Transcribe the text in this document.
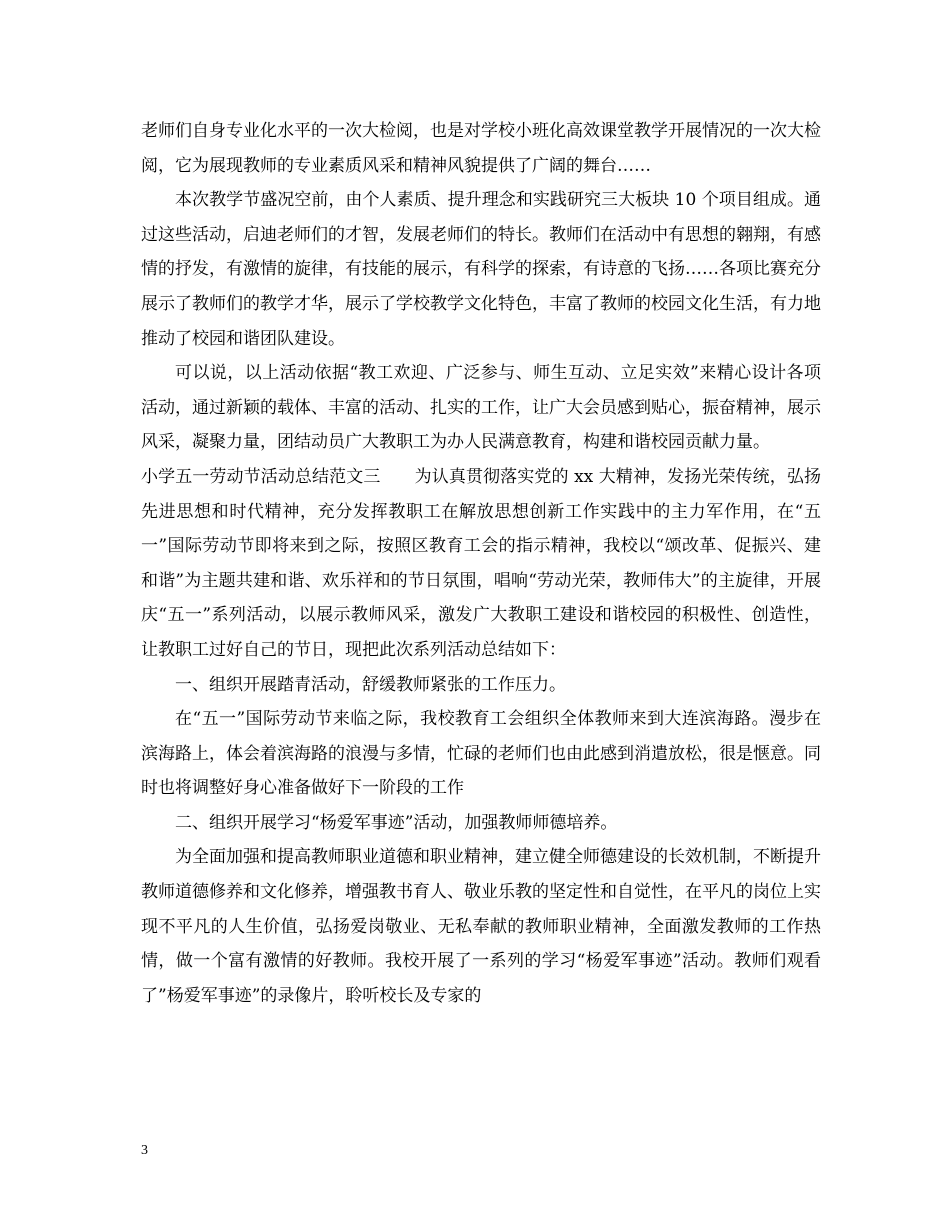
老师们自身专业化水平的一次大检阅，也是对学校小班化高效课堂教学开展情况的一次大检阅，它为展现教师的专业素质风采和精神风貌提供了广阔的舞台……

本次教学节盛况空前，由个人素质、提升理念和实践研究三大板块 10 个项目组成。通过这些活动，启迪老师们的才智，发展老师们的特长。教师们在活动中有思想的翱翔，有感情的抒发，有激情的旋律，有技能的展示，有科学的探索，有诗意的飞扬……各项比赛充分展示了教师们的教学才华，展示了学校教学文化特色，丰富了教师的校园文化生活，有力地推动了校园和谐团队建设。

可以说，以上活动依据“教工欢迎、广泛参与、师生互动、立足实效”来精心设计各项活动，通过新颖的载体、丰富的活动、扎实的工作，让广大会员感到贴心，振奋精神，展示风采，凝聚力量，团结动员广大教职工为办人民满意教育，构建和谐校园贡献力量。

小学五一劳动节活动总结范文三　　为认真贯彻落实党的 xx 大精神，发扬光荣传统，弘扬先进思想和时代精神，充分发挥教职工在解放思想创新工作实践中的主力军作用，在“五一”国际劳动节即将来到之际，按照区教育工会的指示精神，我校以“颂改革、促振兴、建和谐”为主题共建和谐、欢乐祥和的节日氛围，唱响“劳动光荣，教师伟大”的主旋律，开展庆“五一”系列活动，以展示教师风采，激发广大教职工建设和谐校园的积极性、创造性，让教职工过好自己的节日，现把此次系列活动总结如下：

一、组织开展踏青活动，舒缓教师紧张的工作压力。

在“五一”国际劳动节来临之际，我校教育工会组织全体教师来到大连滨海路。漫步在滨海路上，体会着滨海路的浪漫与多情，忙碌的老师们也由此感到消遣放松，很是惬意。同时也将调整好身心准备做好下一阶段的工作

二、组织开展学习“杨爱军事迹”活动，加强教师师德培养。

为全面加强和提高教师职业道德和职业精神，建立健全师德建设的长效机制，不断提升教师道德修养和文化修养，增强教书育人、敬业乐教的坚定性和自觉性，在平凡的岗位上实现不平凡的人生价值，弘扬爱岗敬业、无私奉献的教师职业精神，全面激发教师的工作热情，做一个富有激情的好教师。我校开展了一系列的学习“杨爱军事迹”活动。教师们观看了”杨爱军事迹”的录像片，聆听校长及专家的

3
